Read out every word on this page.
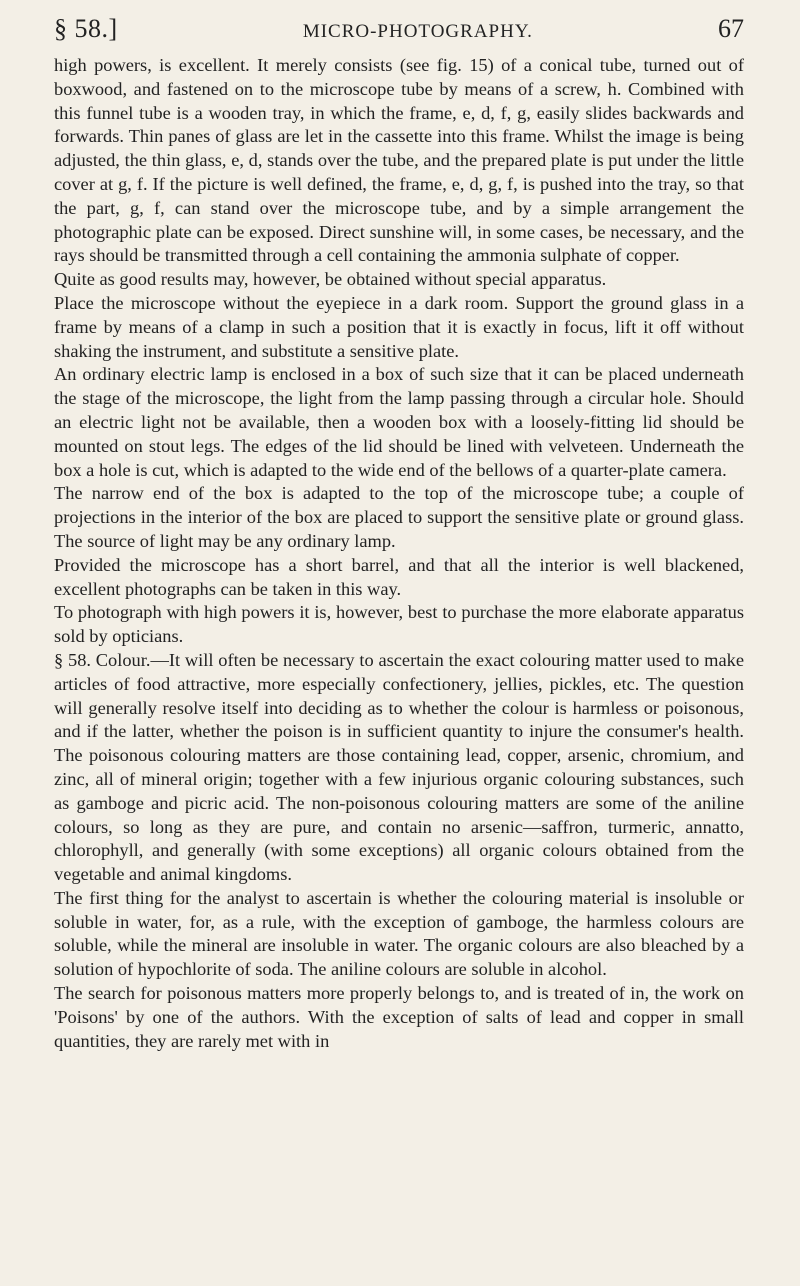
§ 58.]	MICRO-PHOTOGRAPHY.	67

high powers, is excellent. It merely consists (see fig. 15) of a conical tube, turned out of boxwood, and fastened on to the microscope tube by means of a screw, h. Combined with this funnel tube is a wooden tray, in which the frame, e, d, f, g, easily slides backwards and forwards. Thin panes of glass are let in the cassette into this frame. Whilst the image is being adjusted, the thin glass, e, d, stands over the tube, and the prepared plate is put under the little cover at g, f. If the picture is well defined, the frame, e, d, g, f, is pushed into the tray, so that the part, g, f, can stand over the microscope tube, and by a simple arrangement the photographic plate can be exposed. Direct sunshine will, in some cases, be necessary, and the rays should be transmitted through a cell containing the ammonia sulphate of copper.

Quite as good results may, however, be obtained without special apparatus.

Place the microscope without the eyepiece in a dark room. Support the ground glass in a frame by means of a clamp in such a position that it is exactly in focus, lift it off without shaking the instrument, and substitute a sensitive plate.

An ordinary electric lamp is enclosed in a box of such size that it can be placed underneath the stage of the microscope, the light from the lamp passing through a circular hole. Should an electric light not be available, then a wooden box with a loosely-fitting lid should be mounted on stout legs. The edges of the lid should be lined with velveteen. Underneath the box a hole is cut, which is adapted to the wide end of the bellows of a quarter-plate camera.

The narrow end of the box is adapted to the top of the microscope tube; a couple of projections in the interior of the box are placed to support the sensitive plate or ground glass. The source of light may be any ordinary lamp.

Provided the microscope has a short barrel, and that all the interior is well blackened, excellent photographs can be taken in this way.

To photograph with high powers it is, however, best to purchase the more elaborate apparatus sold by opticians.

§ 58. Colour.—It will often be necessary to ascertain the exact colouring matter used to make articles of food attractive, more especially confectionery, jellies, pickles, etc. The question will generally resolve itself into deciding as to whether the colour is harmless or poisonous, and if the latter, whether the poison is in sufficient quantity to injure the consumer's health. The poisonous colouring matters are those containing lead, copper, arsenic, chromium, and zinc, all of mineral origin; together with a few injurious organic colouring substances, such as gamboge and picric acid. The non-poisonous colouring matters are some of the aniline colours, so long as they are pure, and contain no arsenic—saffron, turmeric, annatto, chlorophyll, and generally (with some exceptions) all organic colours obtained from the vegetable and animal kingdoms.

The first thing for the analyst to ascertain is whether the colouring material is insoluble or soluble in water, for, as a rule, with the exception of gamboge, the harmless colours are soluble, while the mineral are insoluble in water. The organic colours are also bleached by a solution of hypochlorite of soda. The aniline colours are soluble in alcohol.

The search for poisonous matters more properly belongs to, and is treated of in, the work on 'Poisons' by one of the authors. With the exception of salts of lead and copper in small quantities, they are rarely met with in
